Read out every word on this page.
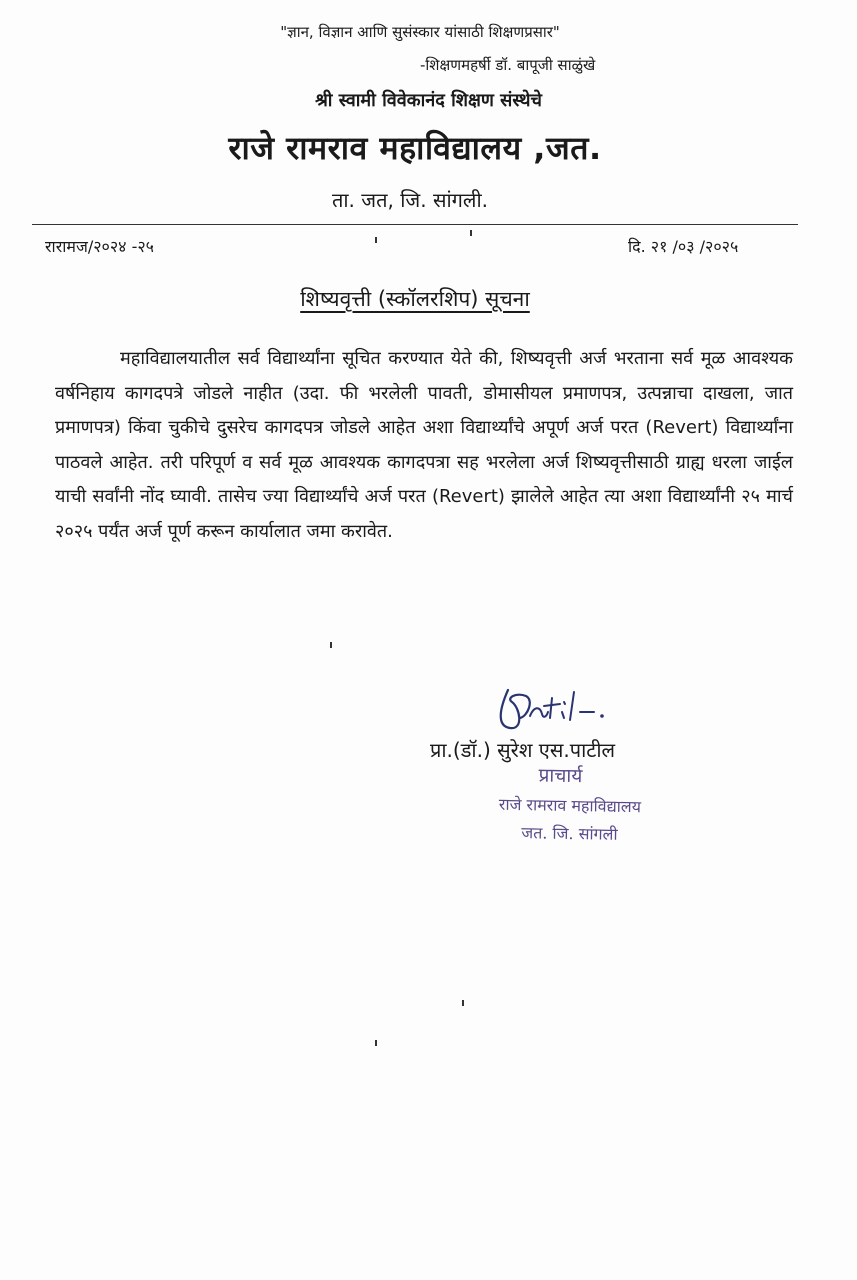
"ज्ञान, विज्ञान आणि सुसंस्कार यांसाठी शिक्षणप्रसार"
-शिक्षणमहर्षी डॉ. बापूजी साळुंखे
श्री स्वामी विवेकानंद शिक्षण संस्थेचे
राजे रामराव महाविद्यालय ,जत.
ता. जत, जि. सांगली.
रारामज/२०२४ -२५	दि. २१ /०३ /२०२५
शिष्यवृत्ती (स्कॉलरशिप) सूचना
महाविद्यालयातील सर्व विद्यार्थ्यांना सूचित करण्यात येते की, शिष्यवृत्ती अर्ज भरताना सर्व मूळ आवश्यक वर्षनिहाय कागदपत्रे जोडले नाहीत (उदा. फी भरलेली पावती, डोमासीयल प्रमाणपत्र, उत्पन्नाचा दाखला, जात प्रमाणपत्र) किंवा चुकीचे दुसरेच कागदपत्र जोडले आहेत अशा विद्यार्थ्यांचे अपूर्ण अर्ज परत (Revert) विद्यार्थ्यांना पाठवले आहेत. तरी परिपूर्ण व सर्व मूळ आवश्यक कागदपत्रा सह भरलेला अर्ज शिष्यवृत्तीसाठी ग्राह्य धरला जाईल याची सर्वांनी नोंद घ्यावी. तासेच ज्या विद्यार्थ्यांचे अर्ज परत (Revert) झालेले आहेत त्या अशा विद्यार्थ्यांनी २५ मार्च २०२५ पर्यंत अर्ज पूर्ण करून कार्यालात जमा करावेत.
प्रा.(डॉ.) सुरेश एस.पाटील
प्राचार्य
राजे रामराव महाविद्यालय
जत. जि. सांगली
